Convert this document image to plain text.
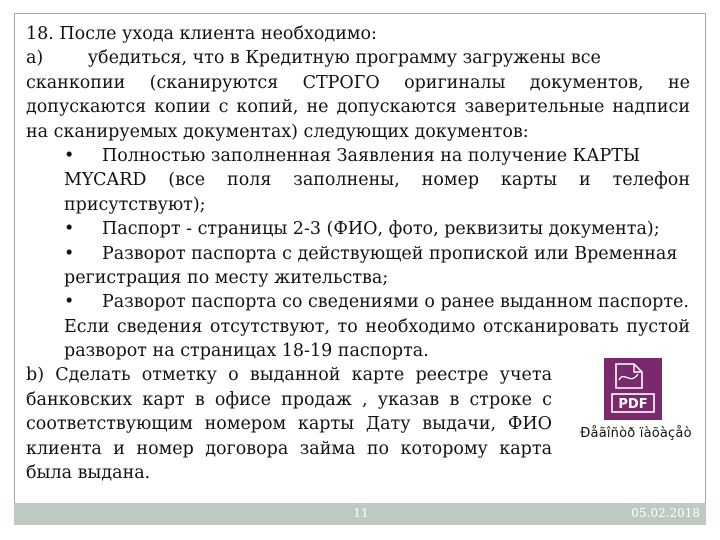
18. После ухода клиента необходимо:
а)        убедиться, что в Кредитную программу загружены все
сканкопии (сканируются СТРОГО оригиналы документов, не
допускаются копии с копий, не допускаются заверительные надписи
на сканируемых документах) следующих документов:
• Полностью заполненная Заявления на получение КАРТЫ
MYCARD (все поля заполнены, номер карты и телефон
присутствуют);
• Паспорт - страницы 2-3 (ФИО, фото, реквизиты документа);
• Разворот паспорта с действующей пропиской или Временная
регистрация по месту жительства;
• Разворот паспорта со сведениями о ранее выданном паспорте.
Если сведения отсутствуют, то необходимо отсканировать пустой
разворот на страницах 18-19 паспорта.
b) Сделать отметку о выданной карте реестре учета
банковских карт в офисе продаж , указав в строке с
соответствующим номером карты Дату выдачи, ФИО
клиента и номер договора займа по которому карта
была выдана.
PDF
Ðåãîñòð ïàõàçåò
11	05.02.2018
